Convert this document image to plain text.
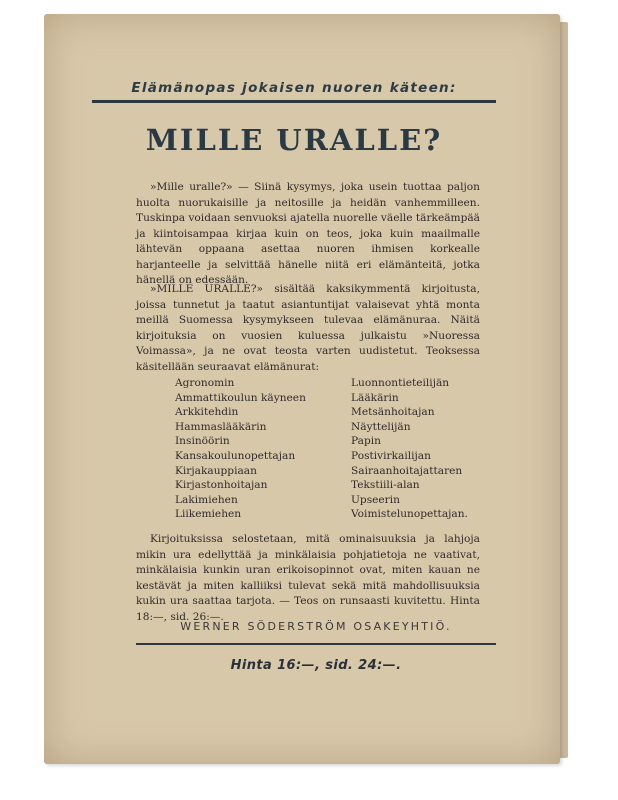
Elämänopas jokaisen nuoren käteen:
MILLE URALLE?
»Mille uralle?» — Siinä kysymys, joka usein tuottaa paljon huolta nuorukaisille ja neitosille ja heidän vanhemmilleen. Tuskinpa voidaan senvuoksi ajatella nuorelle väelle tärkeämpää ja kiintoisampaa kirjaa kuin on teos, joka kuin maailmalle lähtevän oppaana asettaa nuoren ihmisen korkealle harjanteelle ja selvittää hänelle niitä eri elämänteitä, jotka hänellä on edessään.
»MILLE URALLE?» sisältää kaksikymmentä kirjoitusta, joissa tunnetut ja taatut asiantuntijat valaisevat yhtä monta meillä Suomessa kysymykseen tulevaa elämänuraa. Näitä kirjoituksia on vuosien kuluessa julkaistu »Nuoressa Voimassa», ja ne ovat teosta varten uudistetut. Teoksessa käsitellään seuraavat elämänurat:
Agronomin
Ammattikoulun käyneen
Arkkitehdin
Hammaslääkärin
Insinöörin
Kansakoulunopettajan
Kirjakauppiaan
Kirjastonhoitajan
Lakimiehen
Liikemiehen
Luonnontieteilijän
Lääkärin
Metsänhoitajan
Näyttelijän
Papin
Postivirkailijan
Sairaanhoitajattaren
Tekstiili-alan
Upseerin
Voimistelunopettajan.
Kirjoituksissa selostetaan, mitä ominaisuuksia ja lahjoja mikin ura edellyttää ja minkälaisia pohjatietoja ne vaativat, minkälaisia kunkin uran erikoisopinnot ovat, miten kauan ne kestävät ja miten kalliiksi tulevat sekä mitä mahdollisuuksia kukin ura saattaa tarjota. — Teos on runsaasti kuvitettu. Hinta 18:—, sid. 26:—.
WERNER SÖDERSTRÖM OSAKEYHTIÖ.
Hinta 16:—, sid. 24:—.
